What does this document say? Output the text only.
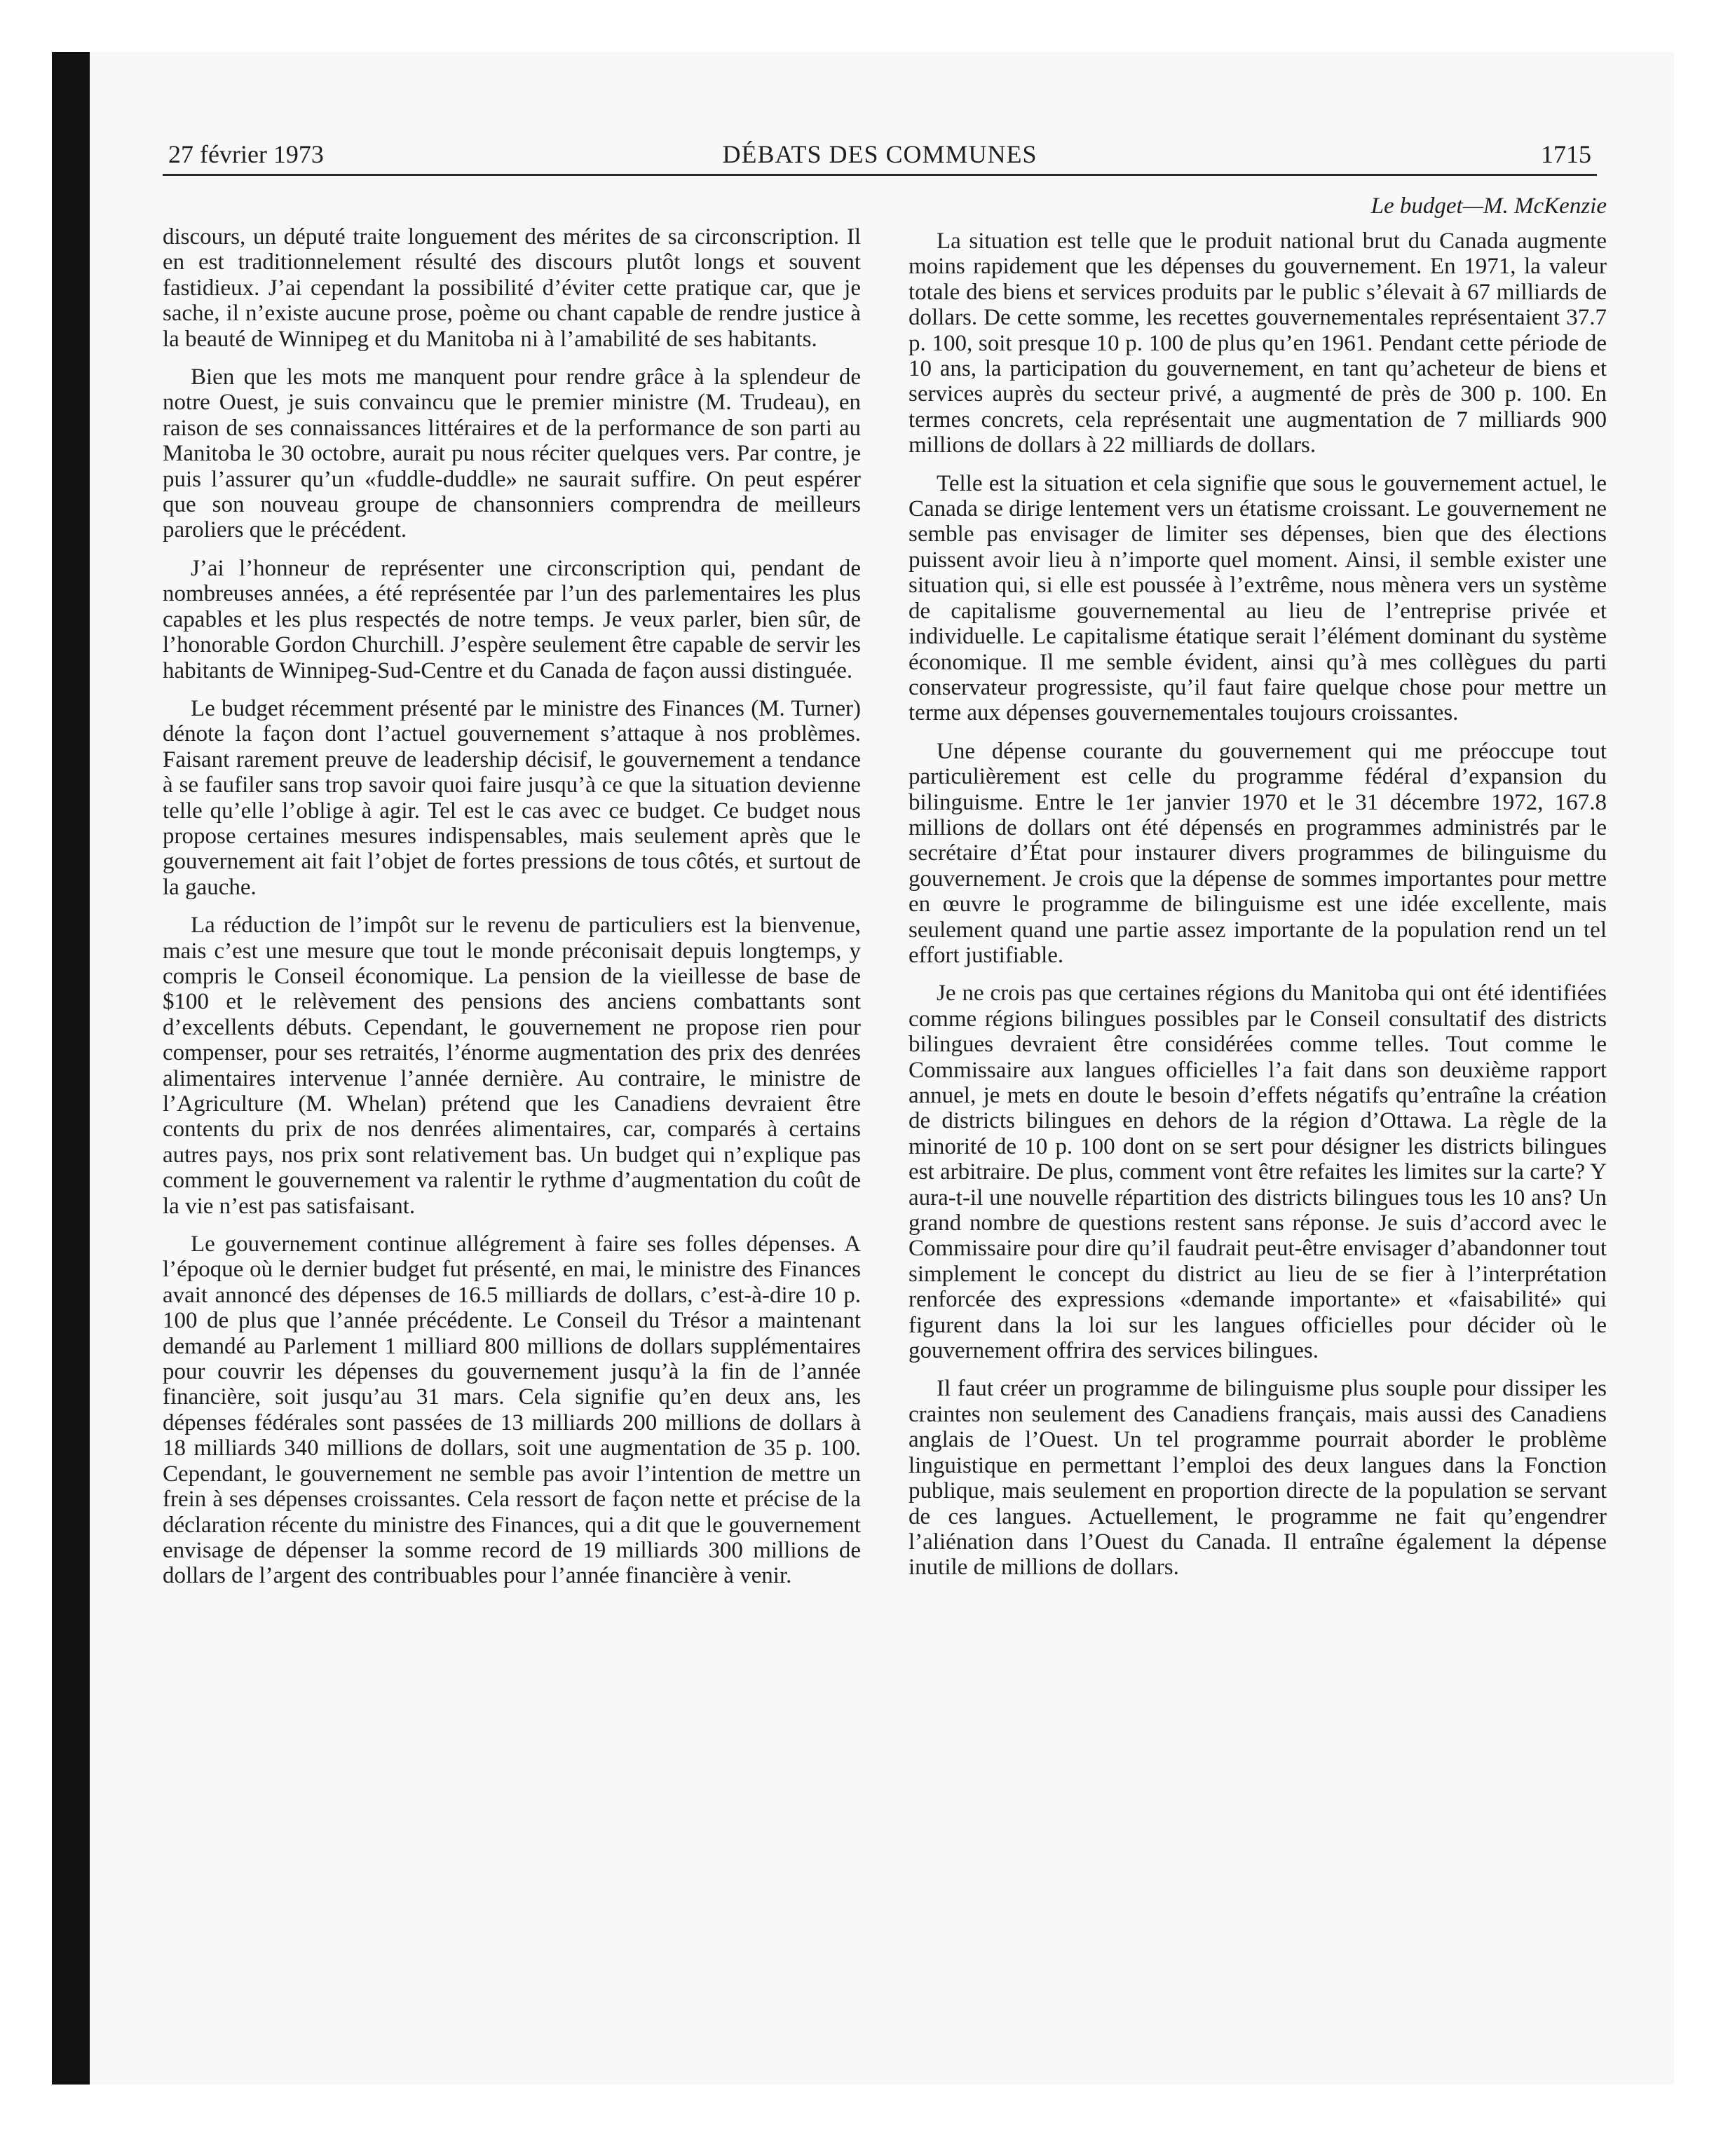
27 février 1973	DÉBATS DES COMMUNES	1715

discours, un député traite longuement des mérites de sa circonscription. Il en est traditionnelement résulté des discours plutôt longs et souvent fastidieux. J’ai cependant la possibilité d’éviter cette pratique car, que je sache, il n’existe aucune prose, poème ou chant capable de rendre justice à la beauté de Winnipeg et du Manitoba ni à l’amabilité de ses habitants.

Bien que les mots me manquent pour rendre grâce à la splendeur de notre Ouest, je suis convaincu que le premier ministre (M. Trudeau), en raison de ses connaissances littéraires et de la performance de son parti au Manitoba le 30 octobre, aurait pu nous réciter quelques vers. Par contre, je puis l’assurer qu’un «fuddle-duddle» ne saurait suffire. On peut espérer que son nouveau groupe de chansonniers comprendra de meilleurs paroliers que le précédent.

J’ai l’honneur de représenter une circonscription qui, pendant de nombreuses années, a été représentée par l’un des parlementaires les plus capables et les plus respectés de notre temps. Je veux parler, bien sûr, de l’honorable Gordon Churchill. J’espère seulement être capable de servir les habitants de Winnipeg-Sud-Centre et du Canada de façon aussi distinguée.

Le budget récemment présenté par le ministre des Finances (M. Turner) dénote la façon dont l’actuel gouvernement s’attaque à nos problèmes. Faisant rarement preuve de leadership décisif, le gouvernement a tendance à se faufiler sans trop savoir quoi faire jusqu’à ce que la situation devienne telle qu’elle l’oblige à agir. Tel est le cas avec ce budget. Ce budget nous propose certaines mesures indispensables, mais seulement après que le gouvernement ait fait l’objet de fortes pressions de tous côtés, et surtout de la gauche.

La réduction de l’impôt sur le revenu de particuliers est la bienvenue, mais c’est une mesure que tout le monde préconisait depuis longtemps, y compris le Conseil économique. La pension de la vieillesse de base de $100 et le relèvement des pensions des anciens combattants sont d’excellents débuts. Cependant, le gouvernement ne propose rien pour compenser, pour ses retraités, l’énorme augmentation des prix des denrées alimentaires intervenue l’année dernière. Au contraire, le ministre de l’Agriculture (M. Whelan) prétend que les Canadiens devraient être contents du prix de nos denrées alimentaires, car, comparés à certains autres pays, nos prix sont relativement bas. Un budget qui n’explique pas comment le gouvernement va ralentir le rythme d’augmentation du coût de la vie n’est pas satisfaisant.

Le gouvernement continue allégrement à faire ses folles dépenses. A l’époque où le dernier budget fut présenté, en mai, le ministre des Finances avait annoncé des dépenses de 16.5 milliards de dollars, c’est-à-dire 10 p. 100 de plus que l’année précédente. Le Conseil du Trésor a maintenant demandé au Parlement 1 milliard 800 millions de dollars supplémentaires pour couvrir les dépenses du gouvernement jusqu’à la fin de l’année financière, soit jusqu’au 31 mars. Cela signifie qu’en deux ans, les dépenses fédérales sont passées de 13 milliards 200 millions de dollars à 18 milliards 340 millions de dollars, soit une augmentation de 35 p. 100. Cependant, le gouvernement ne semble pas avoir l’intention de mettre un frein à ses dépenses croissantes. Cela ressort de façon nette et précise de la déclaration récente du ministre des Finances, qui a dit que le gouvernement envisage de dépenser la somme record de 19 milliards 300 millions de dollars de l’argent des contribuables pour l’année financière à venir.

Le budget—M. McKenzie

La situation est telle que le produit national brut du Canada augmente moins rapidement que les dépenses du gouvernement. En 1971, la valeur totale des biens et services produits par le public s’élevait à 67 milliards de dollars. De cette somme, les recettes gouvernementales représentaient 37.7 p. 100, soit presque 10 p. 100 de plus qu’en 1961. Pendant cette période de 10 ans, la participation du gouvernement, en tant qu’acheteur de biens et services auprès du secteur privé, a augmenté de près de 300 p. 100. En termes concrets, cela représentait une augmentation de 7 milliards 900 millions de dollars à 22 milliards de dollars.

Telle est la situation et cela signifie que sous le gouvernement actuel, le Canada se dirige lentement vers un étatisme croissant. Le gouvernement ne semble pas envisager de limiter ses dépenses, bien que des élections puissent avoir lieu à n’importe quel moment. Ainsi, il semble exister une situation qui, si elle est poussée à l’extrême, nous mènera vers un système de capitalisme gouvernemental au lieu de l’entreprise privée et individuelle. Le capitalisme étatique serait l’élément dominant du système économique. Il me semble évident, ainsi qu’à mes collègues du parti conservateur progressiste, qu’il faut faire quelque chose pour mettre un terme aux dépenses gouvernementales toujours croissantes.

Une dépense courante du gouvernement qui me préoccupe tout particulièrement est celle du programme fédéral d’expansion du bilinguisme. Entre le 1er janvier 1970 et le 31 décembre 1972, 167.8 millions de dollars ont été dépensés en programmes administrés par le secrétaire d’État pour instaurer divers programmes de bilinguisme du gouvernement. Je crois que la dépense de sommes importantes pour mettre en œuvre le programme de bilinguisme est une idée excellente, mais seulement quand une partie assez importante de la population rend un tel effort justifiable.

Je ne crois pas que certaines régions du Manitoba qui ont été identifiées comme régions bilingues possibles par le Conseil consultatif des districts bilingues devraient être considérées comme telles. Tout comme le Commissaire aux langues officielles l’a fait dans son deuxième rapport annuel, je mets en doute le besoin d’effets négatifs qu’entraîne la création de districts bilingues en dehors de la région d’Ottawa. La règle de la minorité de 10 p. 100 dont on se sert pour désigner les districts bilingues est arbitraire. De plus, comment vont être refaites les limites sur la carte? Y aura-t-il une nouvelle répartition des districts bilingues tous les 10 ans? Un grand nombre de questions restent sans réponse. Je suis d’accord avec le Commissaire pour dire qu’il faudrait peut-être envisager d’abandonner tout simplement le concept du district au lieu de se fier à l’interprétation renforcée des expressions «demande importante» et «faisabilité» qui figurent dans la loi sur les langues officielles pour décider où le gouvernement offrira des services bilingues.

Il faut créer un programme de bilinguisme plus souple pour dissiper les craintes non seulement des Canadiens français, mais aussi des Canadiens anglais de l’Ouest. Un tel programme pourrait aborder le problème linguistique en permettant l’emploi des deux langues dans la Fonction publique, mais seulement en proportion directe de la population se servant de ces langues. Actuellement, le programme ne fait qu’engendrer l’aliénation dans l’Ouest du Canada. Il entraîne également la dépense inutile de millions de dollars.
